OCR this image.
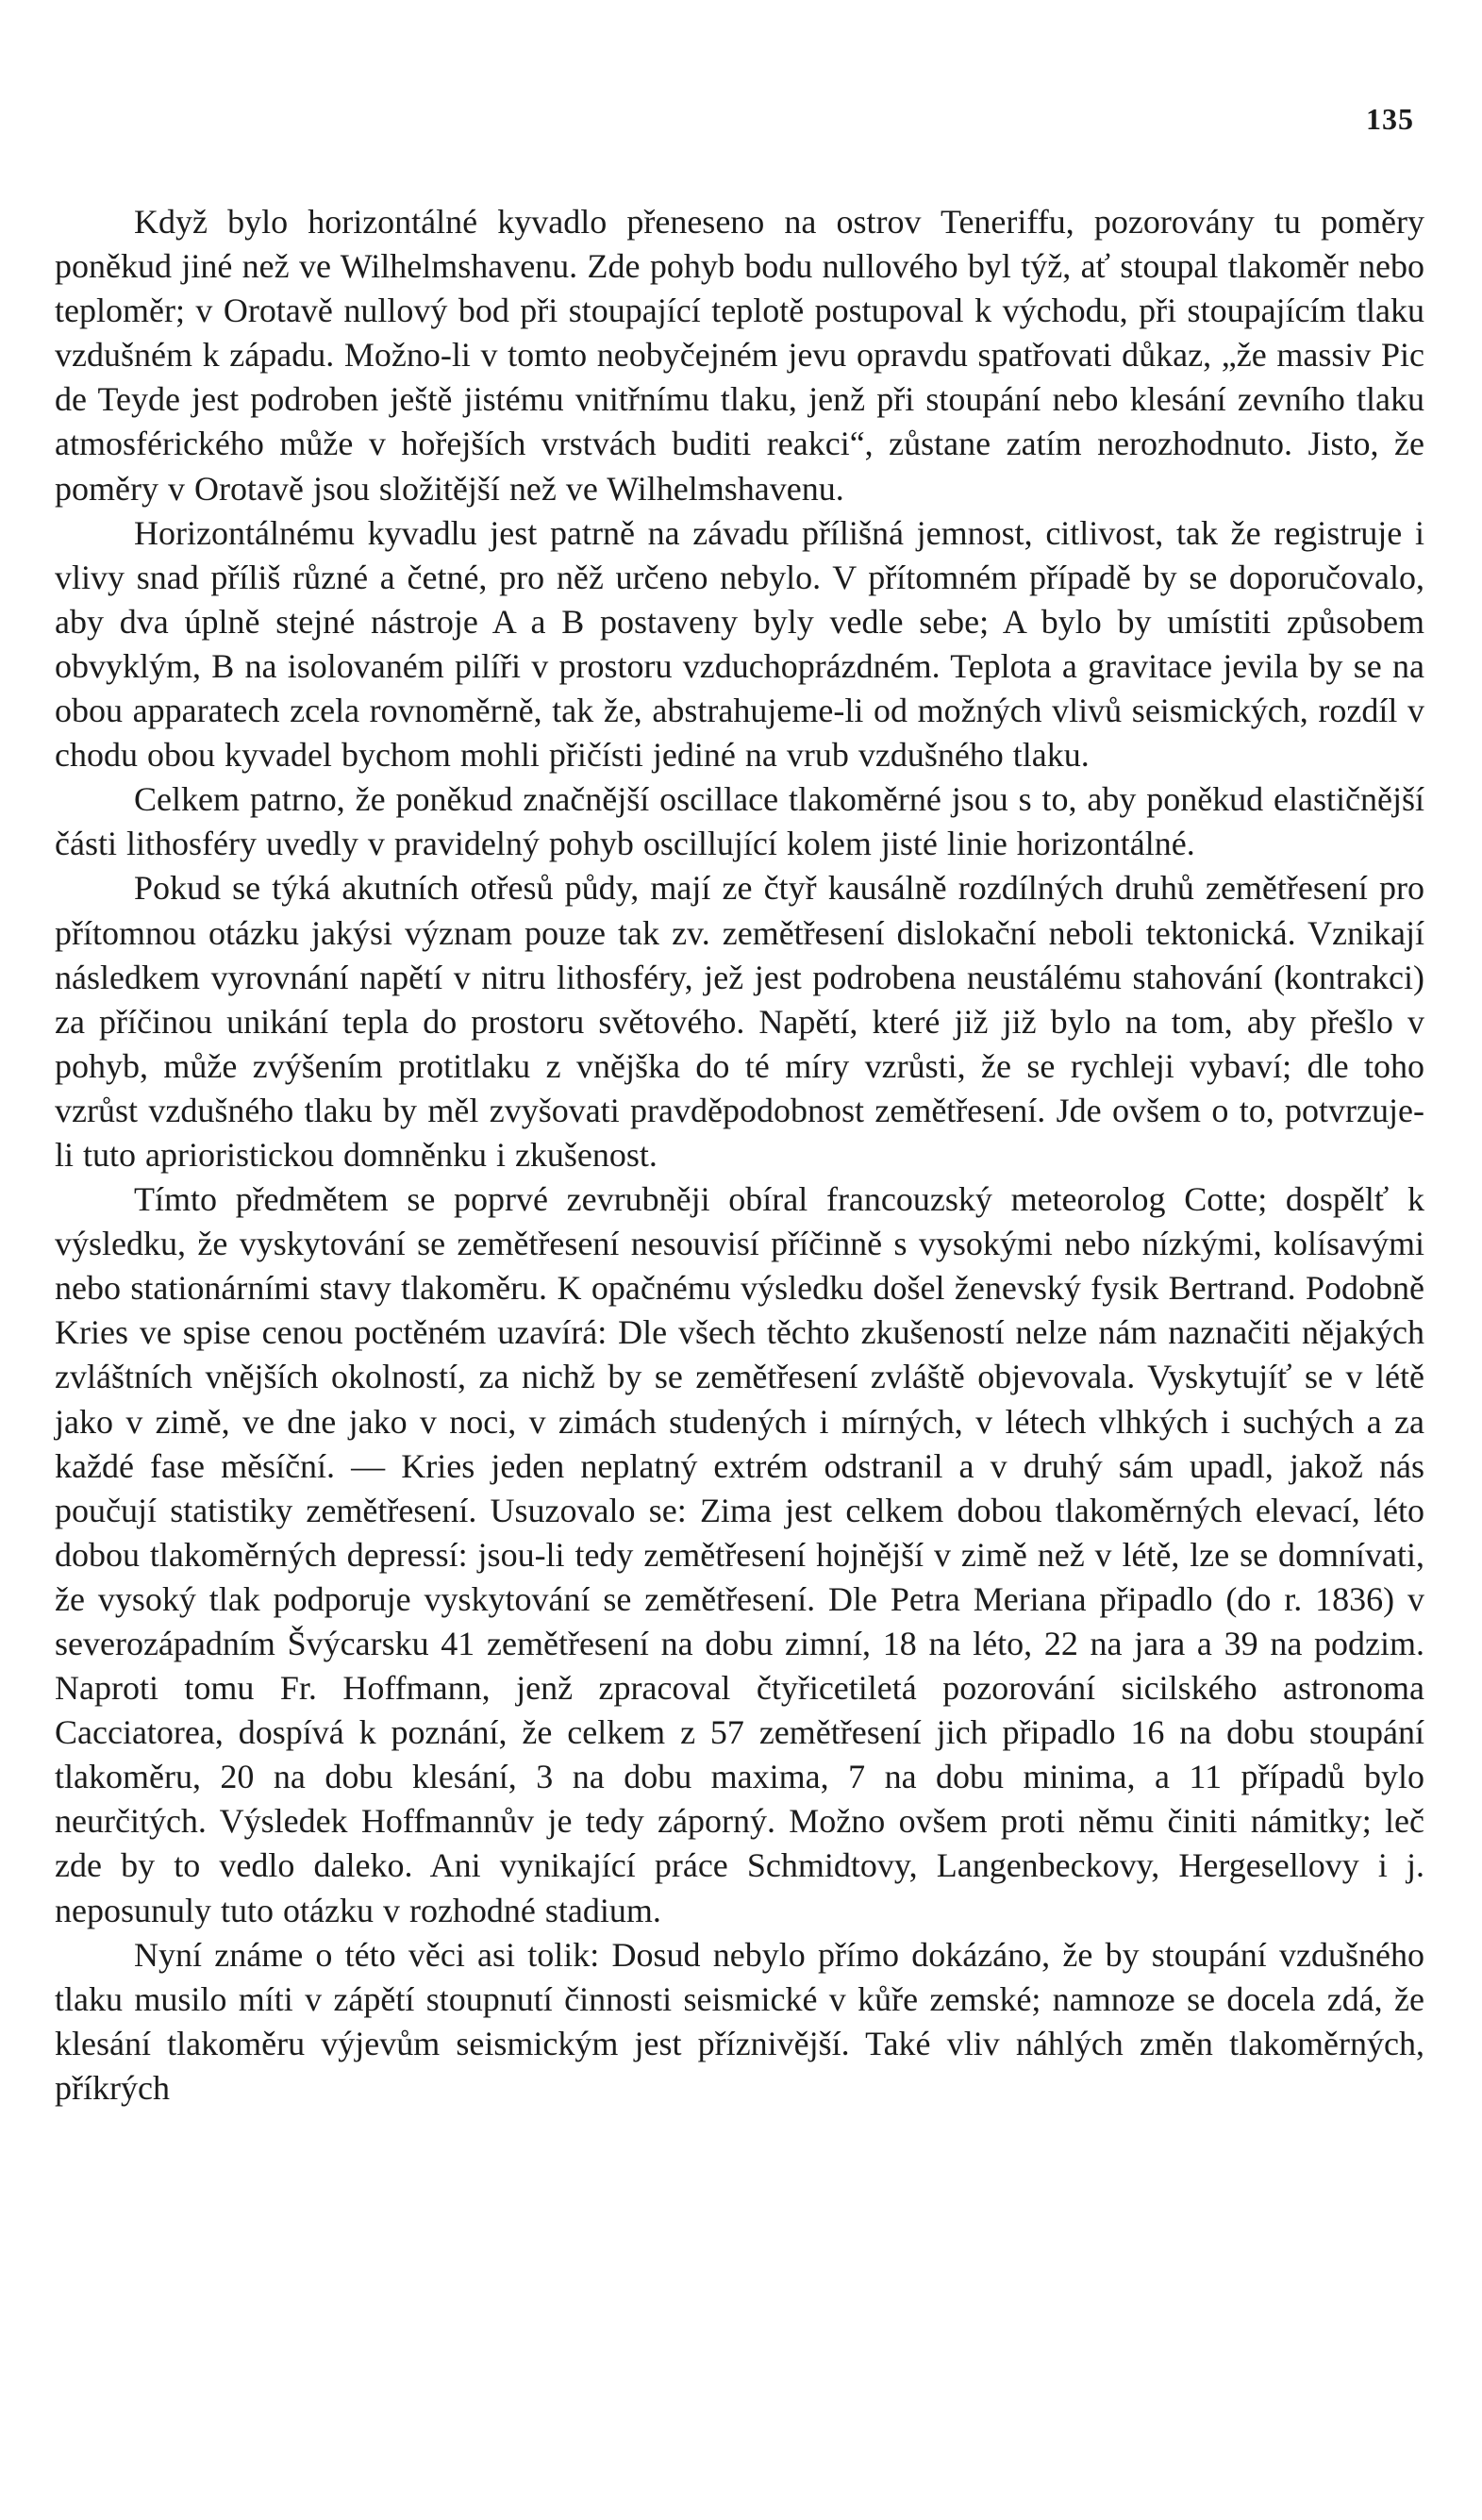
135

Když bylo horizontálné kyvadlo přeneseno na ostrov Teneriffu, pozorovány tu poměry poněkud jiné než ve Wilhelmshavenu. Zde pohyb bodu nullového byl týž, ať stoupal tlakoměr nebo teploměr; v Orotavě nullový bod při stoupající teplotě postupoval k východu, při stoupajícím tlaku vzdušném k západu. Možno-li v tomto neobyčejném jevu opravdu spatřovati důkaz, „že massiv Pic de Teyde jest podroben ještě jistému vnitřnímu tlaku, jenž při stoupání nebo klesání zevního tlaku atmosférického může v hořejších vrstvách buditi reakci“, zůstane zatím nerozhodnuto. Jisto, že poměry v Orotavě jsou složitější než ve Wilhelmshavenu.

Horizontálnému kyvadlu jest patrně na závadu přílišná jemnost, citlivost, tak že registruje i vlivy snad příliš různé a četné, pro něž určeno nebylo. V přítomném případě by se doporučovalo, aby dva úplně stejné nástroje A a B postaveny byly vedle sebe; A bylo by umístiti způsobem obvyklým, B na isolovaném pilíři v prostoru vzduchoprázdném. Teplota a gravitace jevila by se na obou apparatech zcela rovnoměrně, tak že, abstrahujeme-li od možných vlivů seismických, rozdíl v chodu obou kyvadel bychom mohli přičísti jediné na vrub vzdušného tlaku.

Celkem patrno, že poněkud značnější oscillace tlakoměrné jsou s to, aby poněkud elastičnější části lithosféry uvedly v pravidelný pohyb oscillující kolem jisté linie horizontálné.

Pokud se týká akutních otřesů půdy, mají ze čtyř kausálně rozdílných druhů zemětřesení pro přítomnou otázku jakýsi význam pouze tak zv. zemětřesení dislokační neboli tektonická. Vznikají následkem vyrovnání napětí v nitru lithosféry, jež jest podrobena neustálému stahování (kontrakci) za příčinou unikání tepla do prostoru světového. Napětí, které již již bylo na tom, aby přešlo v pohyb, může zvýšením protitlaku z vnějška do té míry vzrůsti, že se rychleji vybaví; dle toho vzrůst vzdušného tlaku by měl zvyšovati pravděpodobnost zemětřesení. Jde ovšem o to, potvrzuje-li tuto aprioristickou domněnku i zkušenost.

Tímto předmětem se poprvé zevrubněji obíral francouzský meteorolog Cotte; dospělť k výsledku, že vyskytování se zemětřesení nesouvisí příčinně s vysokými nebo nízkými, kolísavými nebo stationárními stavy tlakoměru. K opačnému výsledku došel ženevský fysik Bertrand. Podobně Kries ve spise cenou poctěném uzavírá: Dle všech těchto zkušeností nelze nám naznačiti nějakých zvláštních vnějších okolností, za nichž by se zemětřesení zvláště objevovala. Vyskytujíť se v létě jako v zimě, ve dne jako v noci, v zimách studených i mírných, v létech vlhkých i suchých a za každé fase měsíční. — Kries jeden neplatný extrém odstranil a v druhý sám upadl, jakož nás poučují statistiky zemětřesení. Usuzovalo se: Zima jest celkem dobou tlakoměrných elevací, léto dobou tlakoměrných depressí: jsou-li tedy zemětřesení hojnější v zimě než v létě, lze se domnívati, že vysoký tlak podporuje vyskytování se zemětřesení. Dle Petra Meriana připadlo (do r. 1836) v severozápadním Švýcarsku 41 zemětřesení na dobu zimní, 18 na léto, 22 na jara a 39 na podzim. Naproti tomu Fr. Hoffmann, jenž zpracoval čtyřicetiletá pozorování sicilského astronoma Cacciatorea, dospívá k poznání, že celkem z 57 zemětřesení jich připadlo 16 na dobu stoupání tlakoměru, 20 na dobu klesání, 3 na dobu maxima, 7 na dobu minima, a 11 případů bylo neurčitých. Výsledek Hoffmannův je tedy záporný. Možno ovšem proti němu činiti námitky; leč zde by to vedlo daleko. Ani vynikající práce Schmidtovy, Langenbeckovy, Hergesellovy i j. neposunuly tuto otázku v rozhodné stadium.

Nyní známe o této věci asi tolik: Dosud nebylo přímo dokázáno, že by stoupání vzdušného tlaku musilo míti v zápětí stoupnutí činnosti seismické v kůře zemské; namnoze se docela zdá, že klesání tlakoměru výjevům seismickým jest příznivější. Také vliv náhlých změn tlakoměrných, příkrých
